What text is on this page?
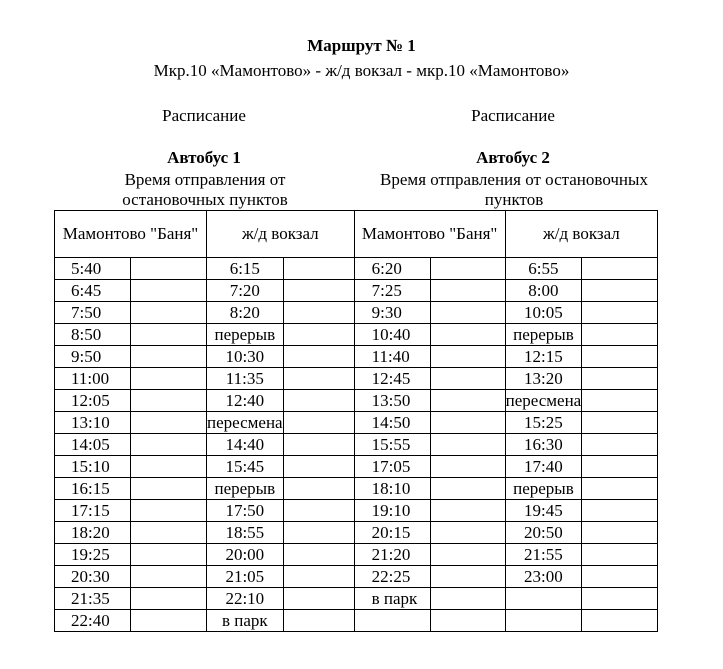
Маршрут № 1
Мкр.10 «Мамонтово» - ж/д вокзал - мкр.10 «Мамонтово»
Расписание	Расписание
Автобус 1	Автобус 2
Время отправления от остановочных пунктов
Время отправления от остановочных пунктов
Мамонтово "Баня"		ж/д вокзал		Мамонтово "Баня"		ж/д вокзал	
5:40		6:15		6:20		6:55	
6:45		7:20		7:25		8:00	
7:50		8:20		9:30		10:05	
8:50		перерыв		10:40		перерыв	
9:50		10:30		11:40		12:15	
11:00		11:35		12:45		13:20	
12:05		12:40		13:50		пересмена	
13:10		пересмена		14:50		15:25	
14:05		14:40		15:55		16:30	
15:10		15:45		17:05		17:40	
16:15		перерыв		18:10		перерыв	
17:15		17:50		19:10		19:45	
18:20		18:55		20:15		20:50	
19:25		20:00		21:20		21:55	
20:30		21:05		22:25		23:00	
21:35		22:10		в парк			
22:40		в парк					
